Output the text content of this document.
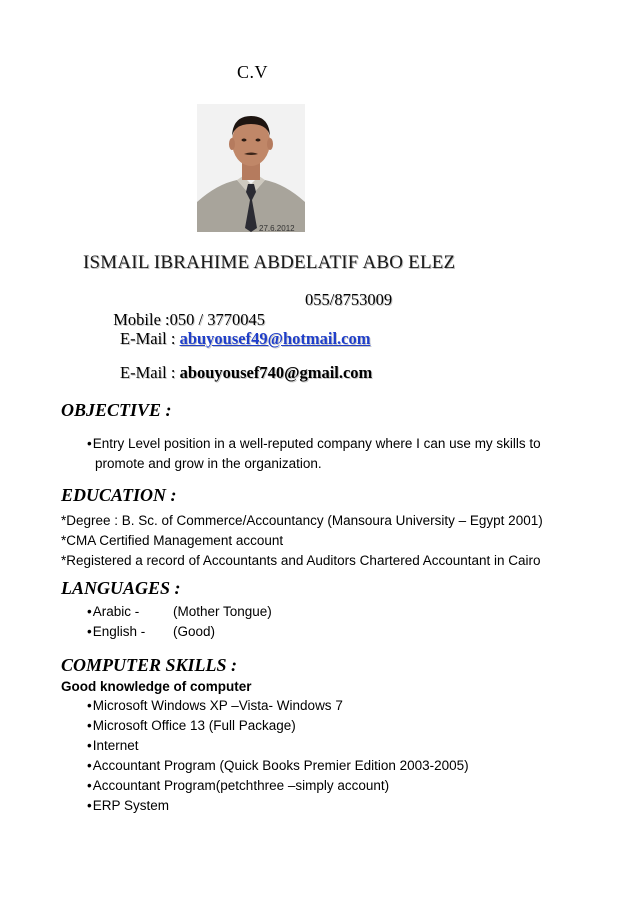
C.V
27.6.2012
ISMAIL IBRAHIME ABDELATIF ABO ELEZ

Mobile :050 / 3770045

055/8753009

E-Mail : abuyousef49@hotmail.com
E-Mail : abouyousef740@gmail.com
OBJECTIVE :
• Entry Level position in a well-reputed company where I can use my skills to
promote and grow in the organization.
EDUCATION :
*Degree : B. Sc. of Commerce/Accountancy (Mansoura University – Egypt 2001)
*CMA Certified Management account
*Registered a record of Accountants and Auditors Chartered Accountant in Cairo
LANGUAGES :
• Arabic -	(Mother Tongue)
• English - (Good)
COMPUTER SKILLS :
Good knowledge of computer
• Microsoft Windows XP –Vista- Windows 7
• Microsoft Office 13 (Full Package)
• Internet
• Accountant Program (Quick Books Premier Edition 2003-2005)
• Accountant Program(petchthree –simply account)
• ERP System
